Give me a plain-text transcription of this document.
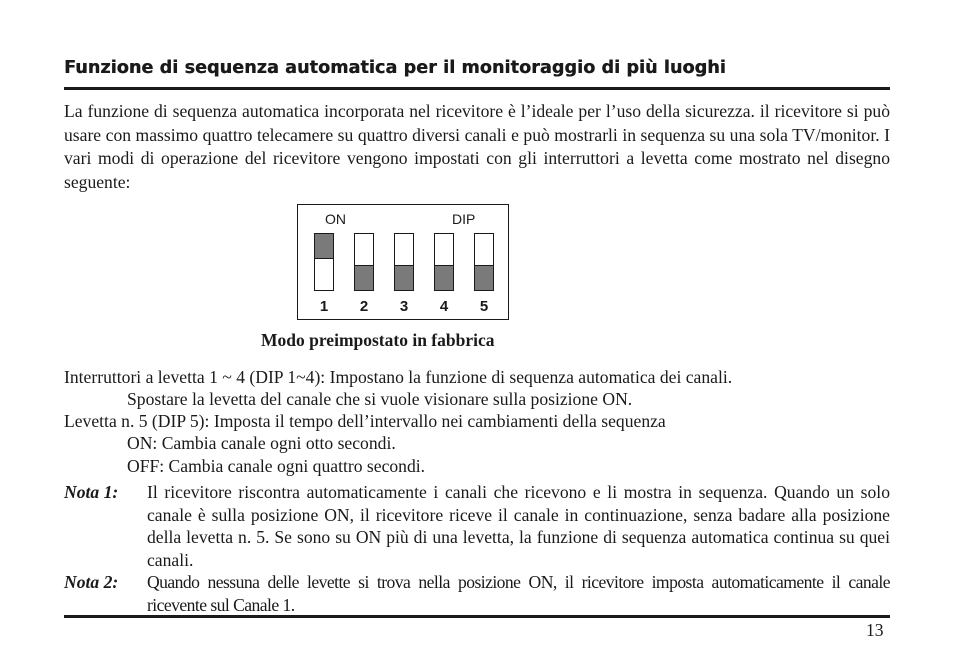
Funzione di sequenza automatica per il monitoraggio di più luoghi
La funzione di sequenza automatica incorporata nel ricevitore è l’ideale per l’uso della sicurezza. il ricevitore si può usare con massimo quattro telecamere su quattro diversi canali e può mostrarli in sequenza su una sola TV/monitor. I vari modi di operazione del ricevitore vengono impostati con gli interruttori a levetta come mostrato nel disegno seguente:
ON	DIP
1	2	3	4	5
Modo preimpostato in fabbrica
Interruttori a levetta 1 ~ 4 (DIP 1~4): Impostano la funzione di sequenza automatica dei canali.
Spostare la levetta del canale che si vuole visionare sulla posizione ON.
Levetta n. 5 (DIP 5): Imposta il tempo dell’intervallo nei cambiamenti della sequenza
ON: Cambia canale ogni otto secondi.
OFF: Cambia canale ogni quattro secondi.
Nota 1: Il ricevitore riscontra automaticamente i canali che ricevono e li mostra in sequenza. Quando un solo canale è sulla posizione ON, il ricevitore riceve il canale in continuazione, senza badare alla posizione della levetta n. 5. Se sono su ON più di una levetta, la funzione di sequenza automatica continua su quei canali.
Nota 2: Quando nessuna delle levette si trova nella posizione ON, il ricevitore imposta automaticamente il canale ricevente sul Canale 1.
13
